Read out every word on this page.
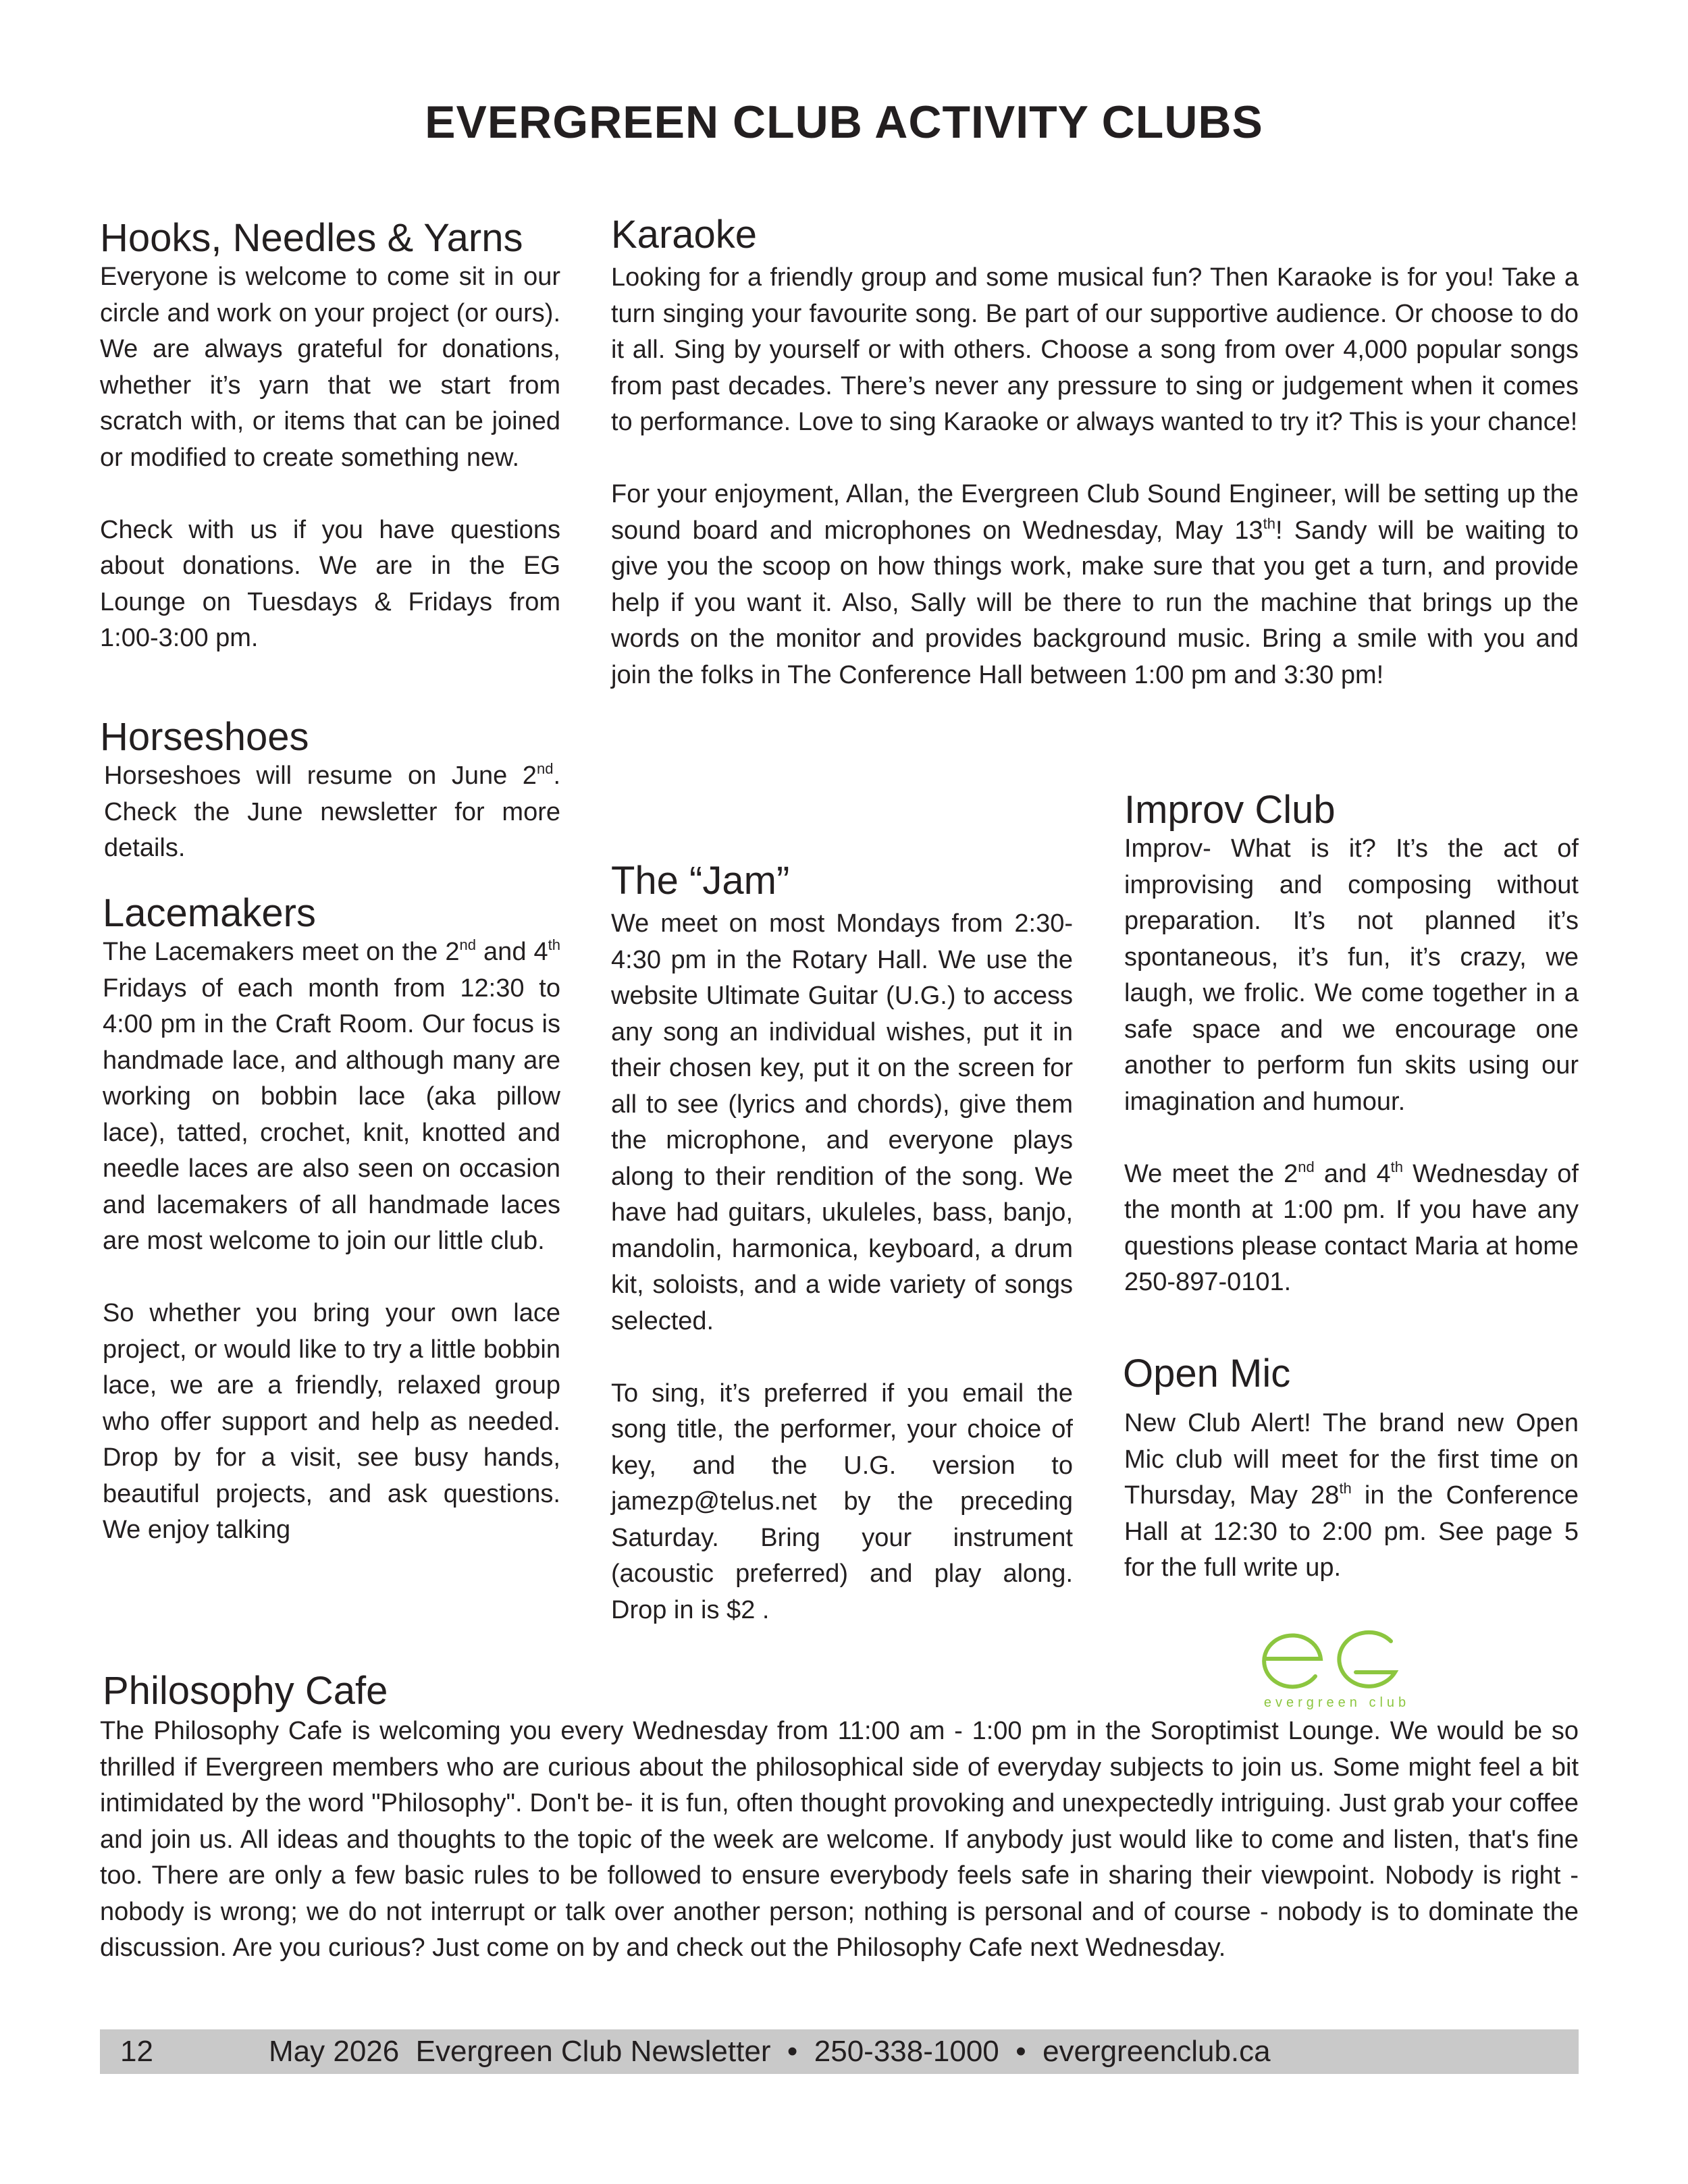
EVERGREEN CLUB ACTIVITY CLUBS
Hooks, Needles & Yarns

Everyone is welcome to come sit in our circle and work on your project (or ours). We are always grateful for donations, whether it’s yarn that we start from scratch with, or items that can be joined or modified to create something new.

Check with us if you have questions about donations. We are in the EG Lounge on Tuesdays & Fridays from 1:00-3:00 pm.

Horseshoes

Horseshoes will resume on June 2nd. Check the June newsletter for more details.

Lacemakers

The Lacemakers meet on the 2nd and 4th Fridays of each month from 12:30 to 4:00 pm in the Craft Room. Our focus is handmade lace, and although many are working on bobbin lace (aka pillow lace), tatted, crochet, knit, knotted and needle laces are also seen on occasion and lacemakers of all handmade laces are most welcome to join our little club.

So whether you bring your own lace project, or would like to try a little bobbin lace, we are a friendly, relaxed group who offer support and help as needed. Drop by for a visit, see busy hands, beautiful projects, and ask questions. We enjoy talking

Karaoke

Looking for a friendly group and some musical fun? Then Karaoke is for you! Take a turn singing your favourite song. Be part of our supportive audience. Or choose to do it all. Sing by yourself or with others. Choose a song from over 4,000 popular songs from past decades. There’s never any pressure to sing or judgement when it comes to performance. Love to sing Karaoke or always wanted to try it? This is your chance!

For your enjoyment, Allan, the Evergreen Club Sound Engineer, will be setting up the sound board and microphones on Wednesday, May 13th! Sandy will be waiting to give you the scoop on how things work, make sure that you get a turn, and provide help if you want it. Also, Sally will be there to run the machine that brings up the words on the monitor and provides background music. Bring a smile with you and join the folks in The Conference Hall between 1:00 pm and 3:30 pm!

The “Jam”

We meet on most Mondays from 2:30-4:30 pm in the Rotary Hall. We use the website Ultimate Guitar (U.G.) to access any song an individual wishes, put it in their chosen key, put it on the screen for all to see (lyrics and chords), give them the microphone, and everyone plays along to their rendition of the song. We have had guitars, ukuleles, bass, banjo, mandolin, harmonica, keyboard, a drum kit, soloists, and a wide variety of songs selected.

To sing, it’s preferred if you email the song title, the performer, your choice of key, and the U.G. version to jamezp@telus.net by the preceding Saturday. Bring your instrument (acoustic preferred) and play along. Drop in is $2 .

Improv Club

Improv- What is it? It’s the act of improvising and composing without preparation. It’s not planned it’s spontaneous, it’s fun, it’s crazy, we laugh, we frolic. We come together in a safe space and we encourage one another to perform fun skits using our imagination and humour.

We meet the 2nd and 4th Wednesday of the month at 1:00 pm. If you have any questions please contact Maria at home 250-897-0101.

Open Mic

New Club Alert! The brand new Open Mic club will meet for the first time on Thursday, May 28th in the Conference Hall at 12:30 to 2:00 pm. See page 5 for the full write up.

evergreen club
Philosophy Cafe

The Philosophy Cafe is welcoming you every Wednesday from 11:00 am - 1:00 pm in the Soroptimist Lounge. We would be so thrilled if Evergreen members who are curious about the philosophical side of everyday subjects to join us. Some might feel a bit intimidated by the word "Philosophy". Don't be- it is fun, often thought provoking and unexpectedly intriguing. Just grab your coffee and join us. All ideas and thoughts to the topic of the week are welcome. If anybody just would like to come and listen, that's fine too. There are only a few basic rules to be followed to ensure everybody feels safe in sharing their viewpoint. Nobody is right - nobody is wrong; we do not interrupt or talk over another person; nothing is personal and of course - nobody is to dominate the discussion. Are you curious? Just come on by and check out the Philosophy Cafe next Wednesday.

12	May 2026  Evergreen Club Newsletter  •  250-338-1000  •  evergreenclub.ca
